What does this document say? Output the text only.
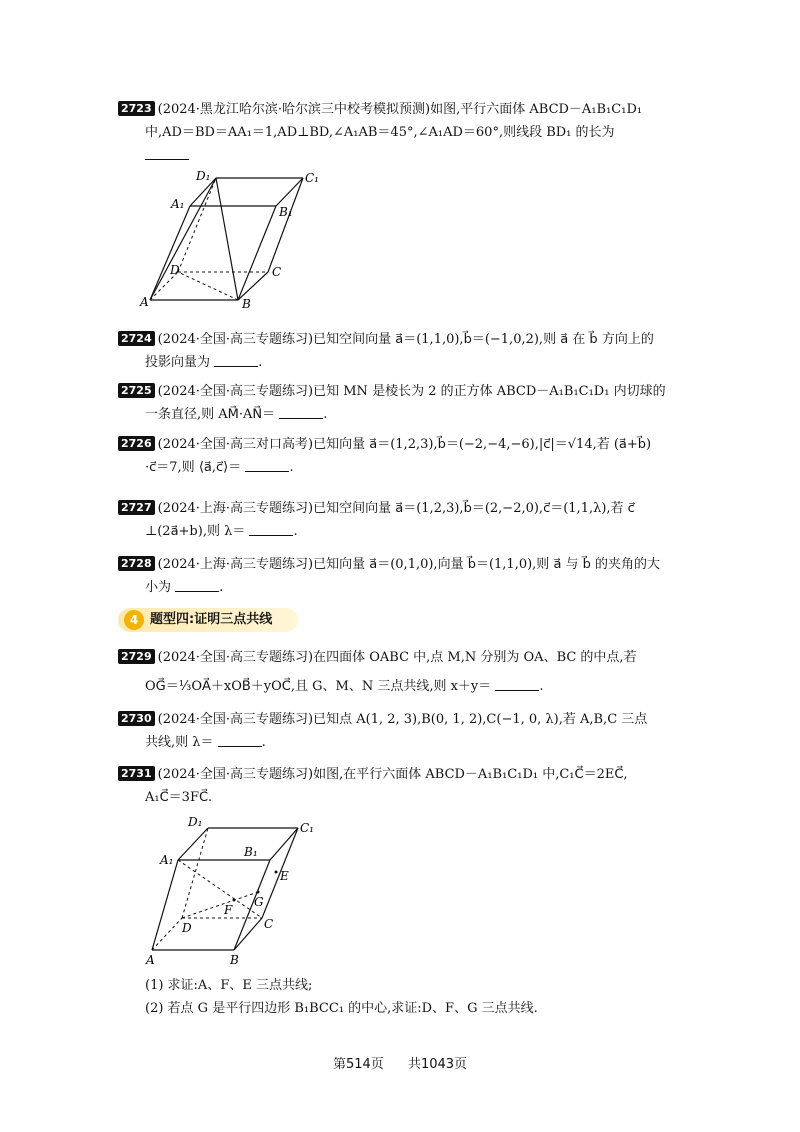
2723 (2024·黑龙江哈尔滨·哈尔滨三中校考模拟预测)如图,平行六面体 ABCD－A₁B₁C₁D₁
中,AD＝BD＝AA₁＝1,AD⊥BD,∠A₁AB＝45°,∠A₁AD＝60°,则线段 BD₁ 的长为
D₁	C₁
A₁
B₁
D	C
A	B
2724 (2024·全国·高三专题练习)已知空间向量 a⃗＝(1,1,0),b⃗＝(−1,0,2),则 a⃗ 在 b⃗ 方向上的
投影向量为	.
2725 (2024·全国·高三专题练习)已知 MN 是棱长为 2 的正方体 ABCD－A₁B₁C₁D₁ 内切球的
一条直径,则 AM⃗·AN⃗＝	.
2726 (2024·全国·高三对口高考)已知向量 a⃗＝(1,2,3),b⃗＝(−2,−4,−6),|c⃗|＝√14,若 (a⃗+b⃗)
·c⃗＝7,则 ⟨a⃗,c⃗⟩＝	.
2727 (2024·上海·高三专题练习)已知空间向量 a⃗＝(1,2,3),b⃗＝(2,−2,0),c⃗＝(1,1,λ),若 c⃗
⊥(2a⃗+b),则 λ＝	.
2728 (2024·上海·高三专题练习)已知向量 a⃗＝(0,1,0),向量 b⃗＝(1,1,0),则 a⃗ 与 b⃗ 的夹角的大
小为	.
4 题型四:证明三点共线
2729 (2024·全国·高三专题练习)在四面体 OABC 中,点 M,N 分别为 OA、BC 的中点,若
OG⃗＝⅓OA⃗＋xOB⃗＋yOC⃗,且 G、M、N 三点共线,则 x＋y＝	.
2730 (2024·全国·高三专题练习)已知点 A(1, 2, 3),B(0, 1, 2),C(−1, 0, λ),若 A,B,C 三点
共线,则 λ＝	.
2731 (2024·全国·高三专题练习)如图,在平行六面体 ABCD－A₁B₁C₁D₁ 中,C₁C⃗＝2EC⃗,
A₁C⃗＝3FC⃗.
D₁	C₁
A₁
B₁
E
G
F
D	C
A	B
(1) 求证:A、F、E 三点共线;
(2) 若点 G 是平行四边形 B₁BCC₁ 的中心,求证:D、F、G 三点共线.
第514页 共1043页
